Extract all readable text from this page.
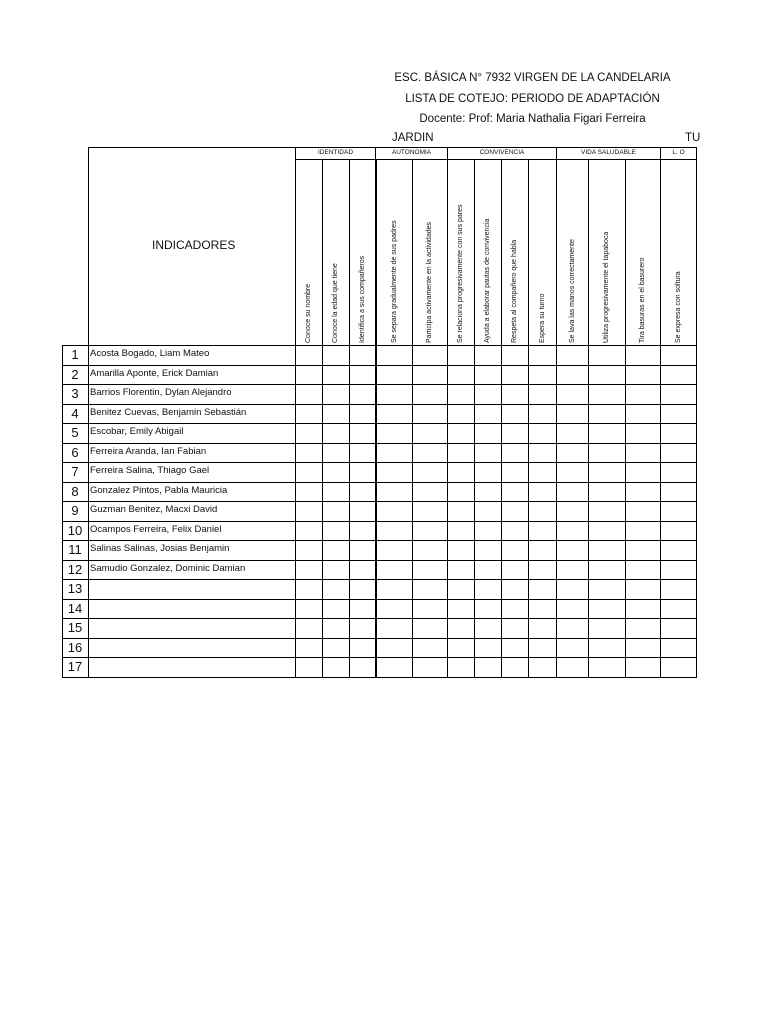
ESC. BÁSICA N° 7932 VIRGEN DE LA CANDELARIA
LISTA DE COTEJO: PERIODO DE ADAPTACIÓN
Docente: Prof: Maria Nathalia Figari Ferreira
JARDIN	TU
IDENTIDAD	AUTONOMIA	CONVIVENCIA	VIDA SALUDABLE	L. O
INDICADORES
Conoce su nombre	Conoce la edad que tiene	Identifica a sus compañeros	Se separa gradualmente de sus padres	Participa activamente en la actividades	Se relaciona progresivamente con sus pares	Ayuda a elaborar pautas de convivencia	Respeta al compañero que habla	Espera su turno	Se lava las manos correctamente	Utiliza progresivamente el tapaboca	Tira basuras en el basurero	Se expresa con soltura
1	Acosta Bogado, Liam Mateo
2	Amarilla Aponte, Erick Damian
3	Barrios Florentin, Dylan Alejandro
4	Benitez Cuevas, Benjamin Sebastián
5	Escobar, Emily Abigail
6	Ferreira Aranda, Ian Fabian
7	Ferreira Salina, Thiago Gael
8	Gonzalez Pintos, Pabla Mauricia
9	Guzman Benitez, Macxi David
10 Ocampos Ferreira, Felix Daniel
11 Salinas Salinas, Josias Benjamin
12 Samudio Gonzalez, Dominic Damian
13
14
15
16
17
